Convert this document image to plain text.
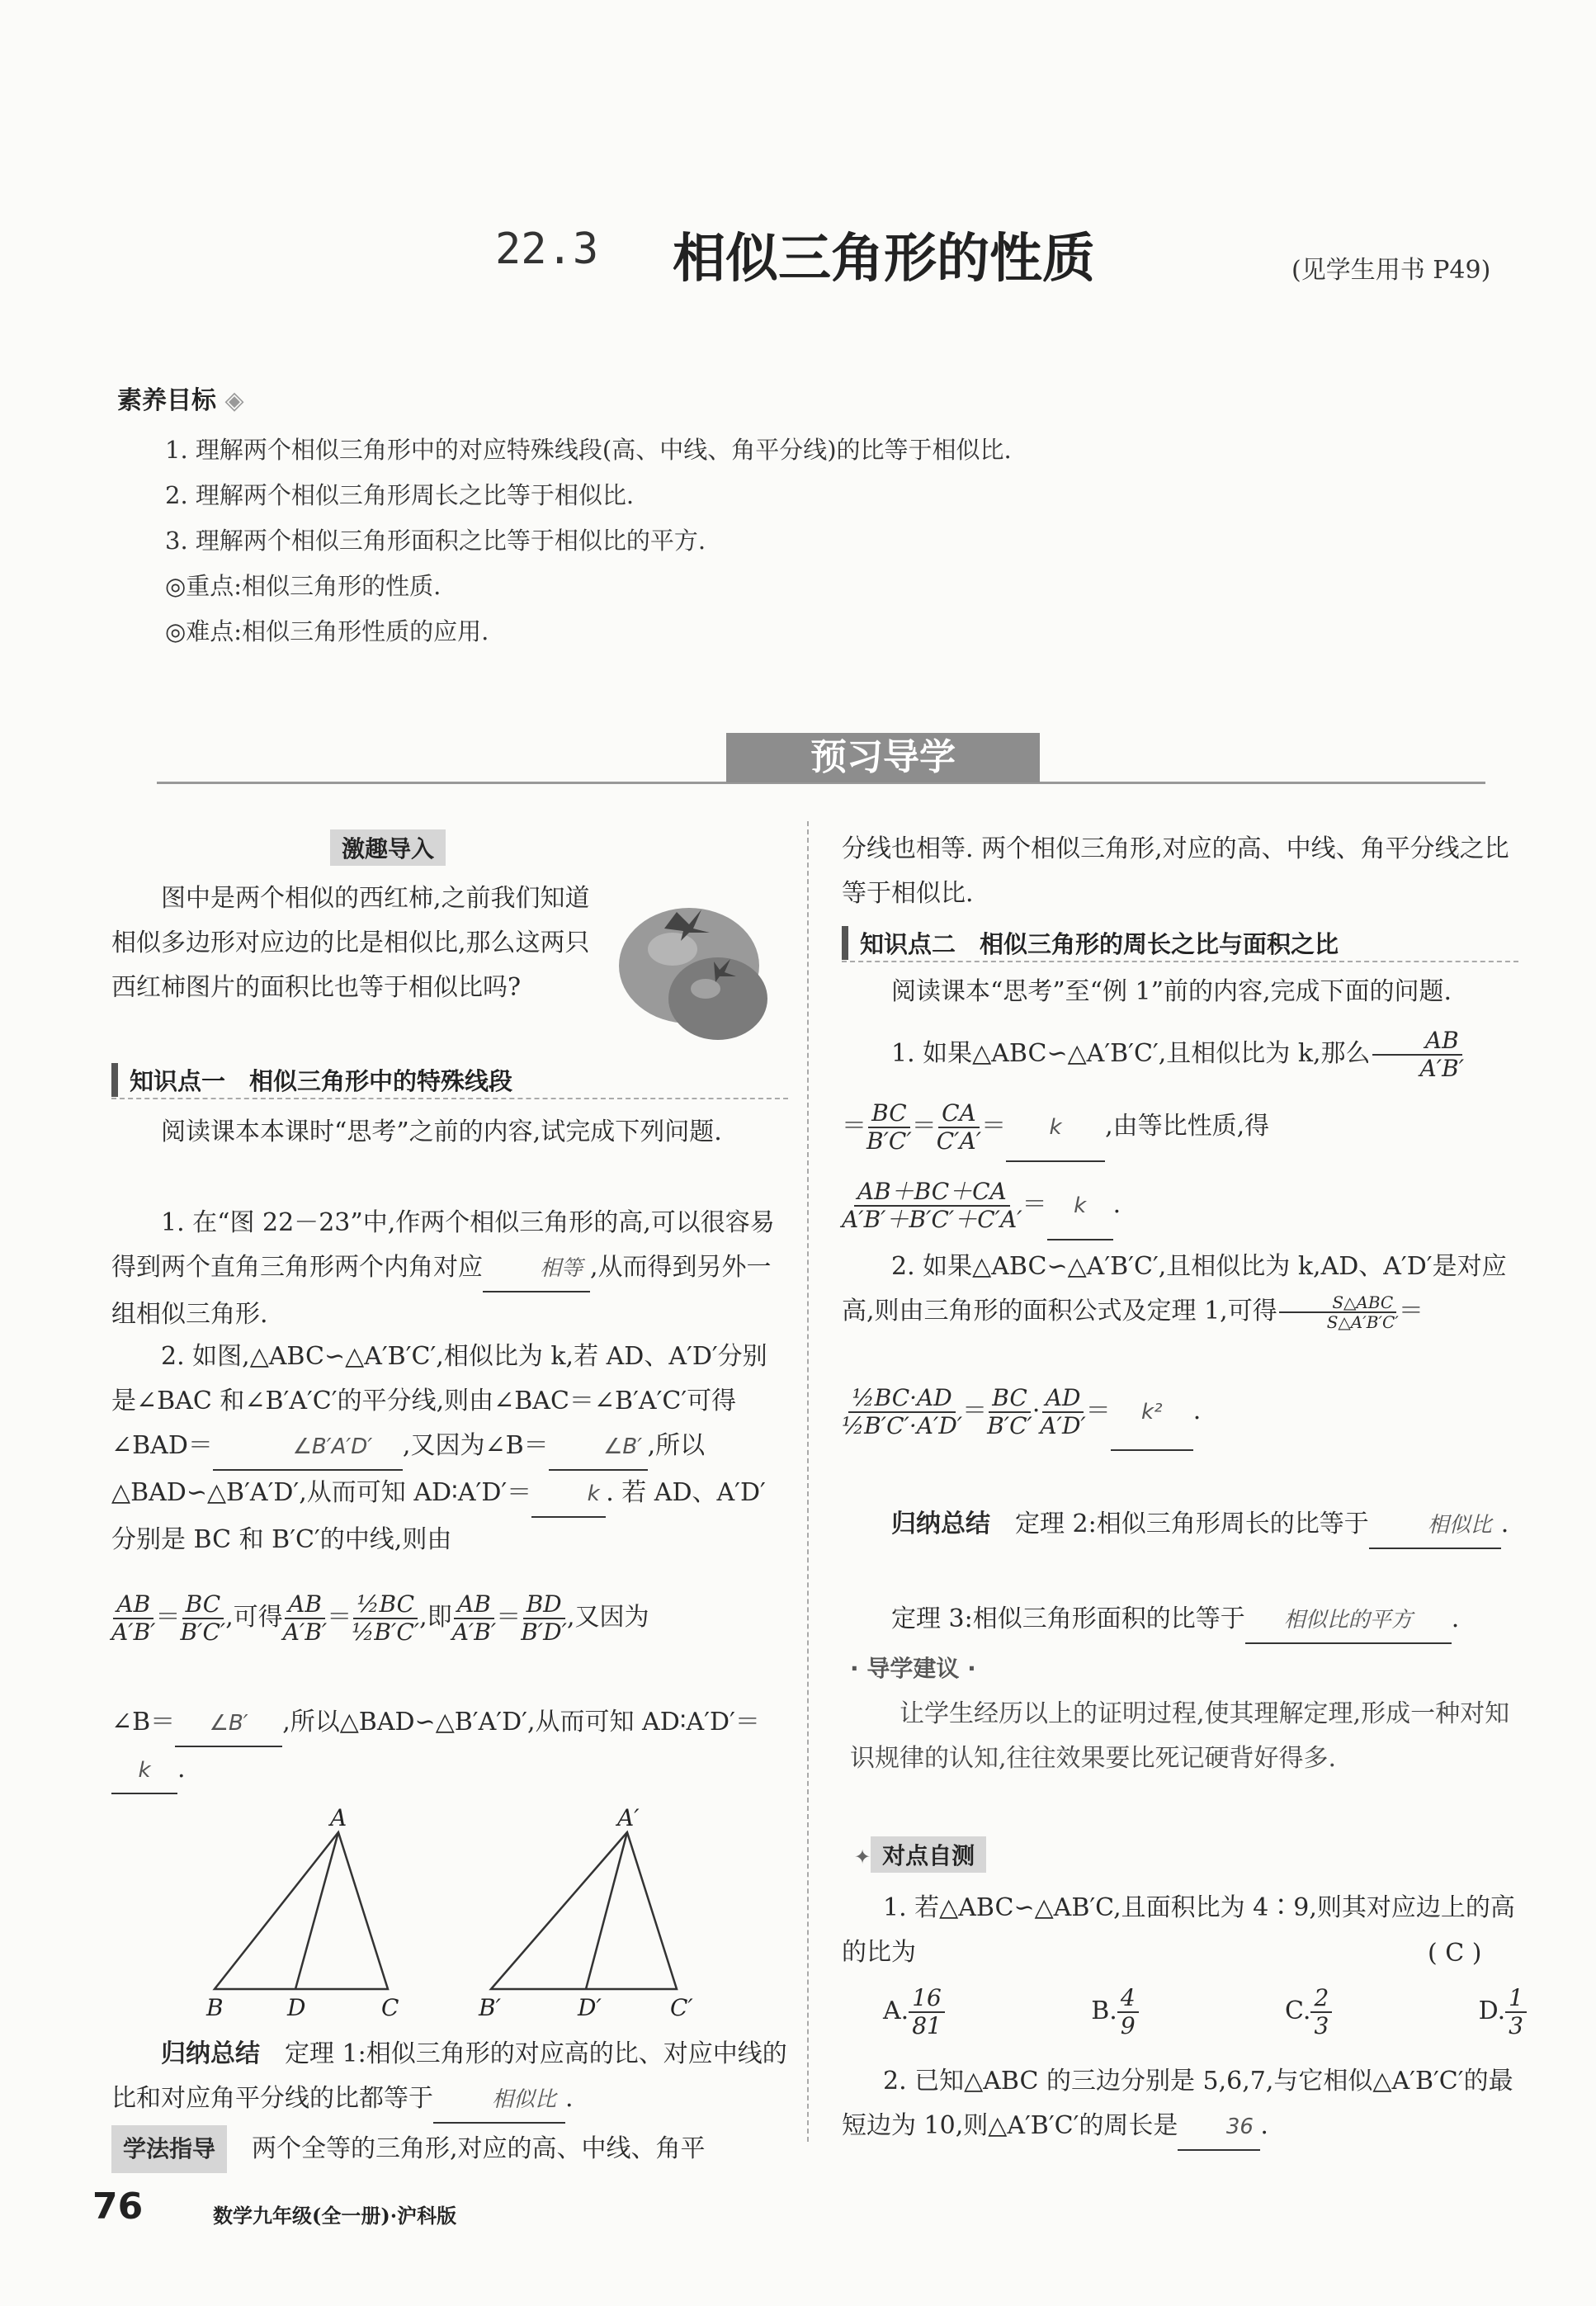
22.3 相似三角形的性质	(见学生用书 P49)
素养目标 ◈
1. 理解两个相似三角形中的对应特殊线段(高、中线、角平分线)的比等于相似比.
2. 理解两个相似三角形周长之比等于相似比.
3. 理解两个相似三角形面积之比等于相似比的平方.
◎重点:相似三角形的性质.
◎难点:相似三角形性质的应用.
预习导学
激趣导入
图中是两个相似的西红柿,之前我们知道相似多边形对应边的比是相似比,那么这两只西红柿图片的面积比也等于相似比吗?
知识点一　相似三角形中的特殊线段
阅读课本本课时“思考”之前的内容,试完成下列问题.
1. 在“图 22－23”中,作两个相似三角形的高,可以很容易得到两个直角三角形两个内角对应	相等 ,从而得到另外一组相似三角形.
2. 如图,△ABC∽△A′B′C′,相似比为 k,若 AD、A′D′分别是∠BAC 和∠B′A′C′的平分线,则由∠BAC＝∠B′A′C′可得∠BAD＝	∠B′A′D′ ,又因为∠B＝	∠B′ ,所以△BAD∽△B′A′D′,从而可知 AD∶A′D′＝	k . 若 AD、A′D′分别是 BC 和 B′C′的中线,则由
$\frac{AB}{A'B'} = \frac{BC}{B'C'}$ ,可得 $\frac{AB}{A'B'} = \frac{\text{½BC}}{\text{½B′C′}}$ ,即 $\frac{AB}{A'B'} = \frac{BD}{B'D'}$ ,又因为
∠B＝ ∠B′ ,所以△BAD∽△B′A′D′,从而可知 AD∶A′D′＝k .
A
B	D	C
A′
B′	D′	C′
归纳总结　 定理 1:相似三角形的对应高的比、对应中线的比和对应角平分线的比都等于	相似比 .
学法指导　 两个全等的三角形,对应的高、中线、角平
分线也相等. 两个相似三角形,对应的高、中线、角平分线之比等于相似比.
知识点二　相似三角形的周长之比与面积之比
阅读课本“思考”至“例 1”前的内容,完成下面的问题.
1. 如果△ABC∽△A′B′C′,且相似比为 k,那么 $\frac{AB}{A'B'}$
＝ $\frac{BC}{B'C'} = \frac{CA}{C'A'} = k$ ,由等比性质,得
$\frac{AB+BC+CA}{A'B'+B'C'+C'A'} = k$ .
2. 如果△ABC∽△A′B′C′,且相似比为 k,AD、A′D′是对应高,则由三角形的面积公式及定理 1,可得 $\frac{\text{S△ABC}}{S\triangle A'B'C'}$ ＝
$\frac{\text{½BC·AD}}{\text{½B′C′·A′D′}} = \frac{BC}{B'C'} \cdot \frac{AD}{A'D'} = k^2$ .
归纳总结　 定理 2:相似三角形周长的比等于	相似比 .
定理 3:相似三角形面积的比等于 相似比的平方 .
· 导学建议 ·
让学生经历以上的证明过程,使其理解定理,形成一种对知识规律的认知,往往效果要比死记硬背好得多.
✦ 对点自测
1. 若△ABC∽△AB′C,且面积比为 4∶9,则其对应边上的高的比为	( C )
A. $\frac{16}{81}$	B. $\frac{4}{9}$	C. $\frac{2}{3}$	D. $\frac{1}{3}$
2. 已知△ABC 的三边分别是 5,6,7,与它相似△A′B′C′的最短边为 10,则△A′B′C′的周长是 36 .
76	数学九年级(全一册)·沪科版
